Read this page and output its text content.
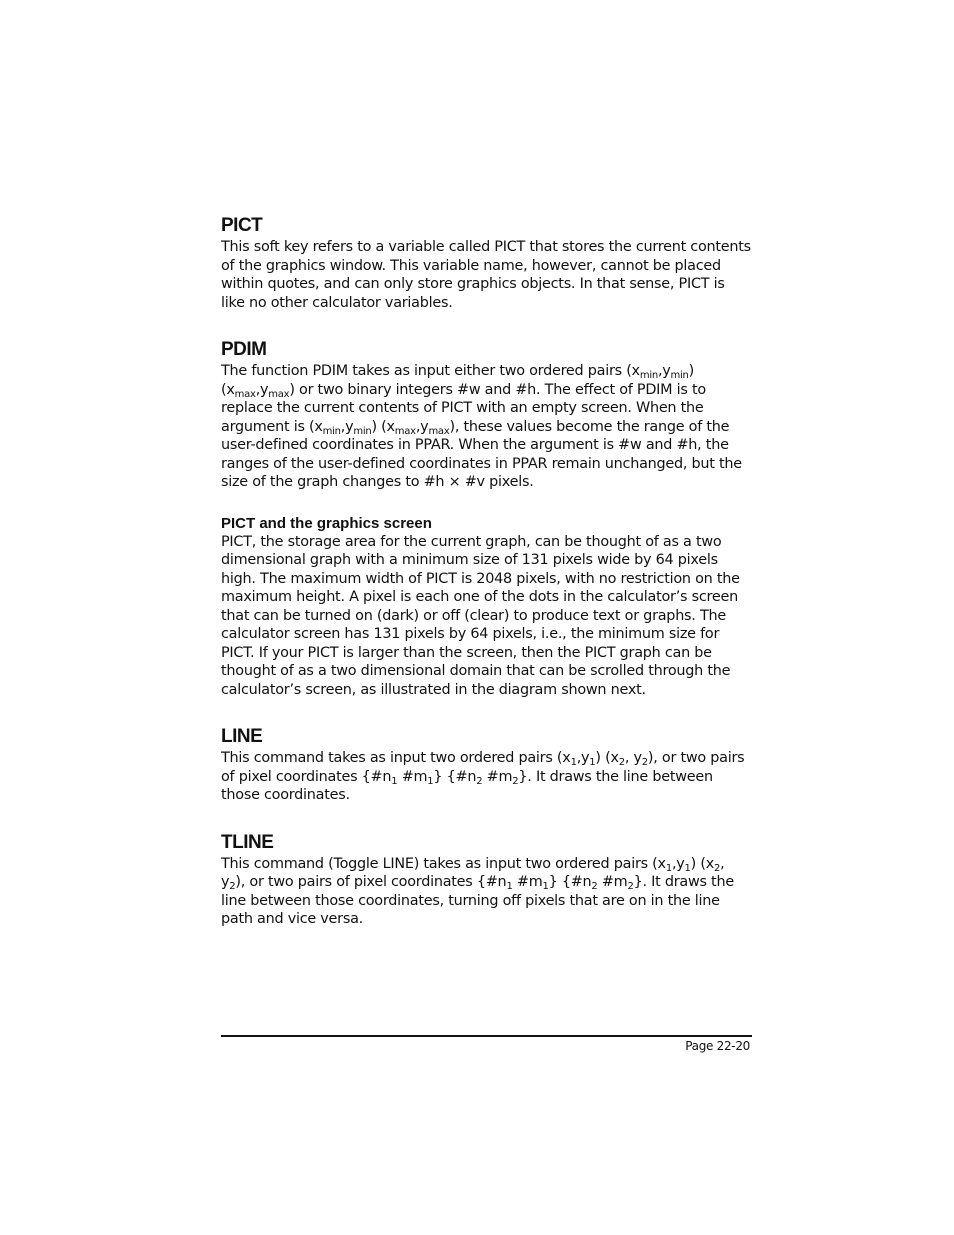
PICT

This soft key refers to a variable called PICT that stores the current contents of the graphics window. This variable name, however, cannot be placed within quotes, and can only store graphics objects. In that sense, PICT is like no other calculator variables.

PDIM

The function PDIM takes as input either two ordered pairs $(x_{min},y_{min})$ $(x_{max},y_{max})$ or two binary integers #w and #h. The effect of PDIM is to replace the current contents of PICT with an empty screen. When the argument is $(x_{min},y_{min})$ $(x_{max},y_{max})$, these values become the range of the user-defined coordinates in PPAR. When the argument is #w and #h, the ranges of the user-defined coordinates in PPAR remain unchanged, but the size of the graph changes to #h × #v pixels.

PICT and the graphics screen

PICT, the storage area for the current graph, can be thought of as a two dimensional graph with a minimum size of 131 pixels wide by 64 pixels high. The maximum width of PICT is 2048 pixels, with no restriction on the maximum height. A pixel is each one of the dots in the calculator’s screen that can be turned on (dark) or off (clear) to produce text or graphs. The calculator screen has 131 pixels by 64 pixels, i.e., the minimum size for PICT. If your PICT is larger than the screen, then the PICT graph can be thought of as a two dimensional domain that can be scrolled through the calculator’s screen, as illustrated in the diagram shown next.

LINE

This command takes as input two ordered pairs $(x_1,y_1)$ ($x_2$, $y_2$), or two pairs of pixel coordinates {$\#n_1$ $\#m_1$} {$\#n_2$ $\#m_2$}. It draws the line between those coordinates.

TLINE

This command (Toggle LINE) takes as input two ordered pairs $(x_1,y_1)$ ($x_2$, $y_2$), or two pairs of pixel coordinates {$\#n_1$ $\#m_1$} {$\#n_2$ $\#m_2$}. It draws the line between those coordinates, turning off pixels that are on in the line path and vice versa.

Page 22-20
